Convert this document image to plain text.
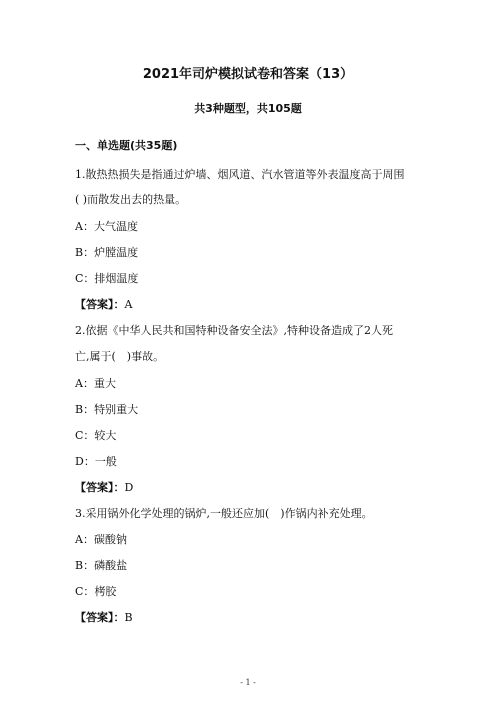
2021年司炉模拟试卷和答案（13）
共3种题型，共105题
一、单选题(共35题)
1.散热热损失是指通过炉墙、烟风道、汽水管道等外表温度高于周围
( )而散发出去的热量。
A：大气温度
B：炉膛温度
C：排烟温度
【答案】：A
2.依据《中华人民共和国特种设备安全法》,特种设备造成了2人死
亡,属于(　)事故。
A：重大
B：特别重大
C：较大
D：一般
【答案】：D
3.采用锅外化学处理的锅炉,一般还应加(　)作锅内补充处理。
A：碳酸钠
B：磷酸盐
C：栲胶
【答案】：B
- 1 -
